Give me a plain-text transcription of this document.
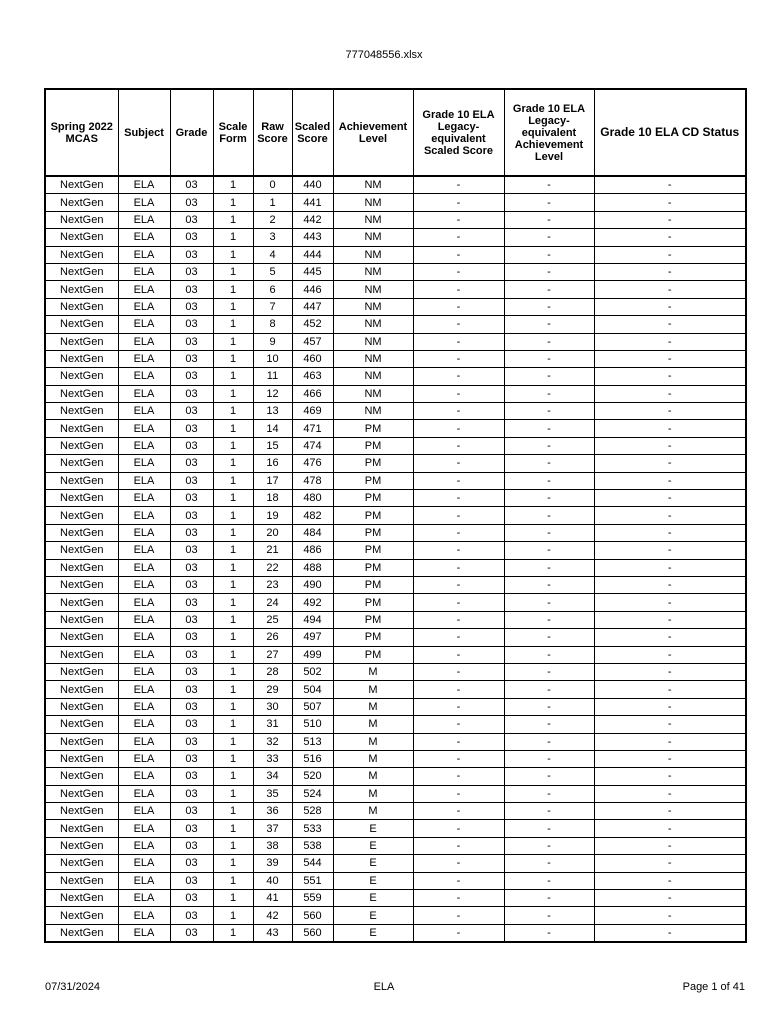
777048556.xlsx
Spring 2022 MCAS	Subject	Grade	Scale Form	Raw Score	Scaled Score	Achievement Level	Grade 10 ELA Legacy-equivalent Scaled Score	Grade 10 ELA Legacy-equivalent Achievement Level	Grade 10 ELA CD Status
NextGen	ELA	03	1	0	440	NM	-	-	-
NextGen	ELA	03	1	1	441	NM	-	-	-
NextGen	ELA	03	1	2	442	NM	-	-	-
NextGen	ELA	03	1	3	443	NM	-	-	-
NextGen	ELA	03	1	4	444	NM	-	-	-
NextGen	ELA	03	1	5	445	NM	-	-	-
NextGen	ELA	03	1	6	446	NM	-	-	-
NextGen	ELA	03	1	7	447	NM	-	-	-
NextGen	ELA	03	1	8	452	NM	-	-	-
NextGen	ELA	03	1	9	457	NM	-	-	-
NextGen	ELA	03	1	10	460	NM	-	-	-
NextGen	ELA	03	1	11	463	NM	-	-	-
NextGen	ELA	03	1	12	466	NM	-	-	-
NextGen	ELA	03	1	13	469	NM	-	-	-
NextGen	ELA	03	1	14	471	PM	-	-	-
NextGen	ELA	03	1	15	474	PM	-	-	-
NextGen	ELA	03	1	16	476	PM	-	-	-
NextGen	ELA	03	1	17	478	PM	-	-	-
NextGen	ELA	03	1	18	480	PM	-	-	-
NextGen	ELA	03	1	19	482	PM	-	-	-
NextGen	ELA	03	1	20	484	PM	-	-	-
NextGen	ELA	03	1	21	486	PM	-	-	-
NextGen	ELA	03	1	22	488	PM	-	-	-
NextGen	ELA	03	1	23	490	PM	-	-	-
NextGen	ELA	03	1	24	492	PM	-	-	-
NextGen	ELA	03	1	25	494	PM	-	-	-
NextGen	ELA	03	1	26	497	PM	-	-	-
NextGen	ELA	03	1	27	499	PM	-	-	-
NextGen	ELA	03	1	28	502	M	-	-	-
NextGen	ELA	03	1	29	504	M	-	-	-
NextGen	ELA	03	1	30	507	M	-	-	-
NextGen	ELA	03	1	31	510	M	-	-	-
NextGen	ELA	03	1	32	513	M	-	-	-
NextGen	ELA	03	1	33	516	M	-	-	-
NextGen	ELA	03	1	34	520	M	-	-	-
NextGen	ELA	03	1	35	524	M	-	-	-
NextGen	ELA	03	1	36	528	M	-	-	-
NextGen	ELA	03	1	37	533	E	-	-	-
NextGen	ELA	03	1	38	538	E	-	-	-
NextGen	ELA	03	1	39	544	E	-	-	-
NextGen	ELA	03	1	40	551	E	-	-	-
NextGen	ELA	03	1	41	559	E	-	-	-
NextGen	ELA	03	1	42	560	E	-	-	-
NextGen	ELA	03	1	43	560	E	-	-	-
07/31/2024	ELA	Page 1 of 41
